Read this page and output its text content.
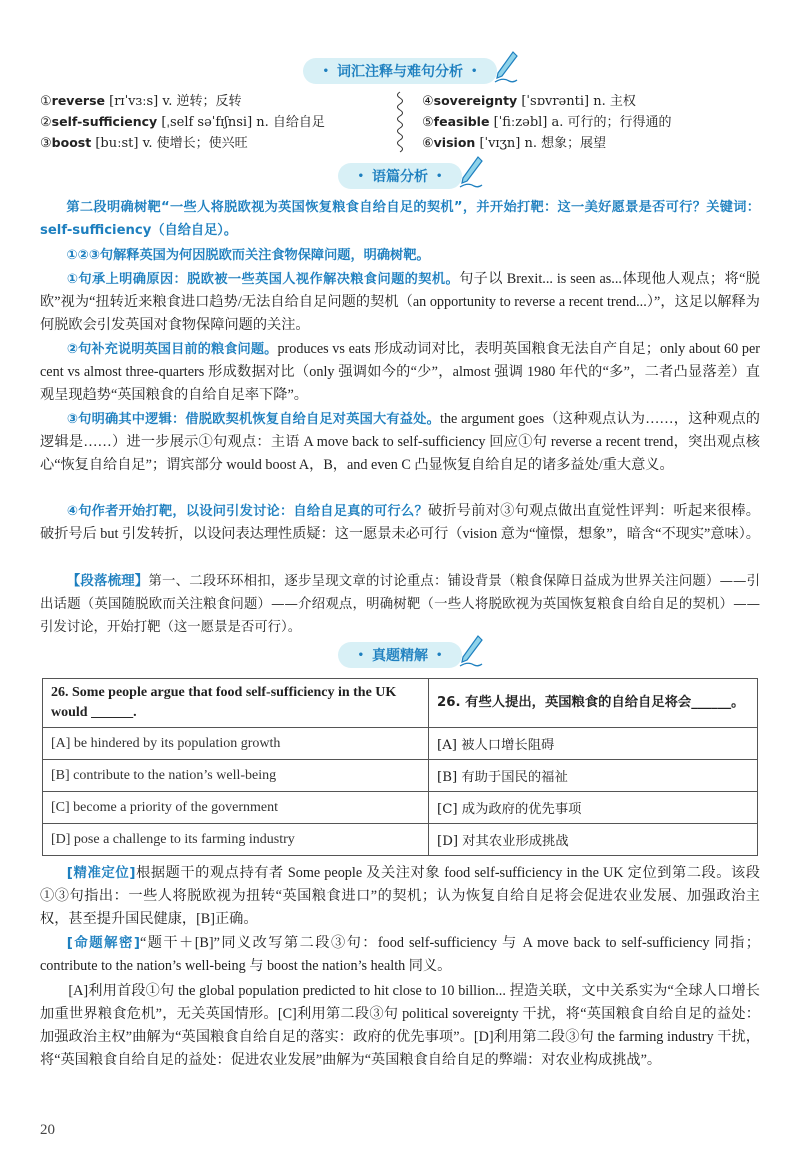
• 词汇注释与难句分析 •
①reverse [rɪˈvɜːs] v. 逆转；反转
②self-sufficiency [ˌself səˈfɪʃnsi] n. 自给自足
③boost [buːst] v. 使增长；使兴旺
④sovereignty [ˈsɒvrənti] n. 主权
⑤feasible [ˈfiːzəbl] a. 可行的；行得通的
⑥vision [ˈvɪʒn] n. 想象；展望
• 语篇分析 •
第二段明确树靶“一些人将脱欧视为英国恢复粮食自给自足的契机”，并开始打靶：这一美好愿景是否可行？关键词：self-sufficiency（自给自足）。
①②③句解释英国为何因脱欧而关注食物保障问题，明确树靶。
①句承上明确原因：脱欧被一些英国人视作解决粮食问题的契机。句子以 Brexit... is seen as...体现他人观点；将“脱欧”视为“扭转近来粮食进口趋势/无法自给自足问题的契机（an opportunity to reverse a recent trend...）”，这足以解释为何脱欧会引发英国对食物保障问题的关注。
②句补充说明英国目前的粮食问题。produces vs eats 形成动词对比，表明英国粮食无法自产自足；only about 60 per cent vs almost three-quarters 形成数据对比（only 强调如今的“少”，almost 强调 1980 年代的“多”，二者凸显落差）直观呈现趋势“英国粮食的自给自足率下降”。
③句明确其中逻辑：借脱欧契机恢复自给自足对英国大有益处。the argument goes（这种观点认为……，这种观点的逻辑是……）进一步展示①句观点：主语 A move back to self-sufficiency 回应①句 reverse a recent trend，突出观点核心“恢复自给自足”；谓宾部分 would boost A，B，and even C 凸显恢复自给自足的诸多益处/重大意义。
④句作者开始打靶，以设问引发讨论：自给自足真的可行么？破折号前对③句观点做出直觉性评判：听起来很棒。破折号后 but 引发转折，以设问表达理性质疑：这一愿景未必可行（vision 意为“憧憬，想象”，暗含“不现实”意味）。
【段落梳理】第一、二段环环相扣，逐步呈现文章的讨论重点：铺设背景（粮食保障日益成为世界关注问题）——引出话题（英国随脱欧而关注粮食问题）——介绍观点，明确树靶（一些人将脱欧视为英国恢复粮食自给自足的契机）——引发讨论，开始打靶（这一愿景是否可行）。
• 真题精解 •
26. Some people argue that food self-sufficiency in the UK would ______.	26. 有些人提出，英国粮食的自给自足将会______。
[A] be hindered by its population growth	[A] 被人口增长阻碍
[B] contribute to the nation’s well-being	[B] 有助于国民的福祉
[C] become a priority of the government	[C] 成为政府的优先事项
[D] pose a challenge to its farming industry	[D] 对其农业形成挑战
[精准定位]根据题干的观点持有者 Some people 及关注对象 food self-sufficiency in the UK 定位到第二段。该段①③句指出：一些人将脱欧视为扭转“英国粮食进口”的契机；认为恢复自给自足将会促进农业发展、加强政治主权，甚至提升国民健康，[B]正确。
[命题解密]“题干＋[B]”同义改写第二段③句：food self-sufficiency 与 A move back to self-sufficiency 同指；contribute to the nation’s well-being 与 boost the nation’s health 同义。
[A]利用首段①句 the global population predicted to hit close to 10 billion... 捏造关联，文中关系实为“全球人口增长加重世界粮食危机”，无关英国情形。[C]利用第二段③句 political sovereignty 干扰，将“英国粮食自给自足的益处：加强政治主权”曲解为“英国粮食自给自足的落实：政府的优先事项”。[D]利用第二段③句 the farming industry 干扰，将“英国粮食自给自足的益处：促进农业发展”曲解为“英国粮食自给自足的弊端：对农业构成挑战”。
20
